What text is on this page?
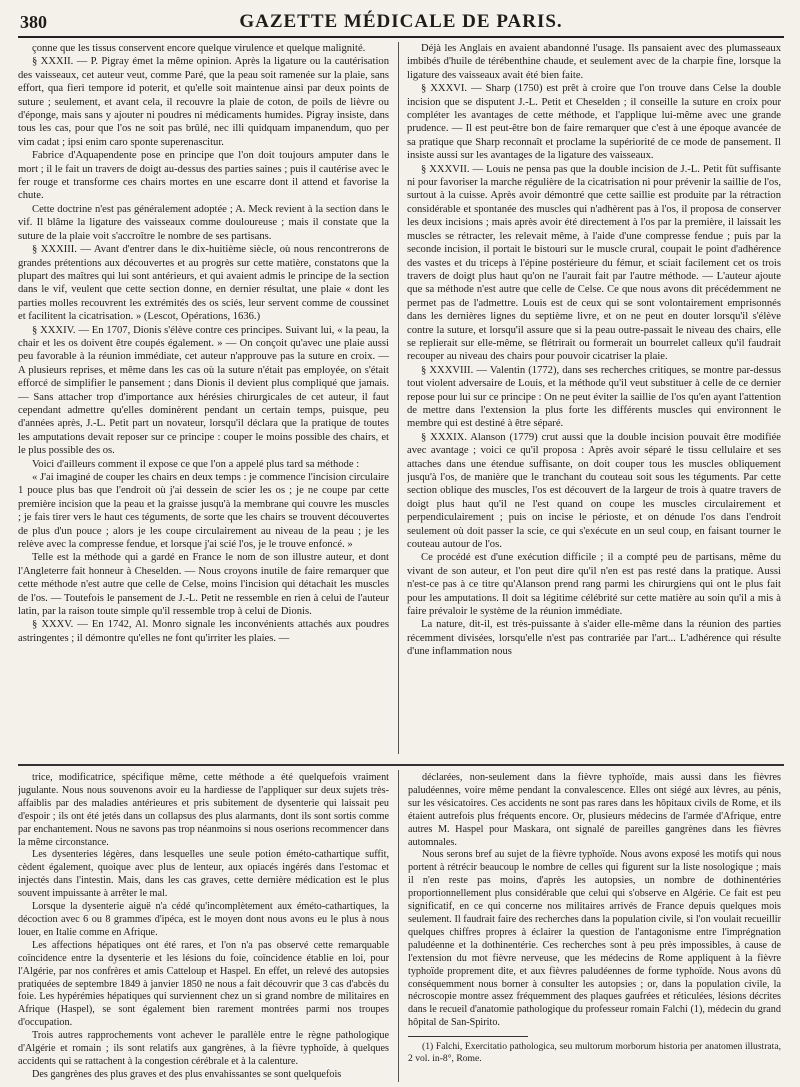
380	GAZETTE MÉDICALE DE PARIS.

çonne que les tissus conservent encore quelque virulence et quelque malignité.

§ XXXII. — P. Pigray émet la même opinion. Après la ligature ou la cautérisation des vaisseaux, cet auteur veut, comme Paré, que la peau soit ramenée sur la plaie, sans effort, qua fieri tempore id poterit, et qu'elle soit maintenue ainsi par deux points de suture ; seulement, et avant cela, il recouvre la plaie de coton, de poils de lièvre ou d'éponge, mais sans y ajouter ni poudres ni médicaments humides. Pigray insiste, dans tous les cas, pour que l'os ne soit pas brûlé, nec illi quidquam impanendum, quo per vim cadat ; ipsi enim caro sponte superenascitur.

Fabrice d'Aquapendente pose en principe que l'on doit toujours amputer dans le mort ; il le fait un travers de doigt au-dessus des parties saines ; puis il cautérise avec le fer rouge et transforme ces chairs mortes en une escarre dont il attend et favorise la chute.

Cette doctrine n'est pas généralement adoptée ; A. Meck revient à la section dans le vif. Il blâme la ligature des vaisseaux comme douloureuse ; mais il constate que la suture de la plaie voit s'accroître le nombre de ses partisans.

§ XXXIII. — Avant d'entrer dans le dix-huitième siècle, où nous rencontrerons de grandes prétentions aux découvertes et au progrès sur cette matière, constatons que la plupart des maîtres qui lui sont antérieurs, et qui avaient admis le principe de la section dans le vif, veulent que cette section donne, en dernier résultat, une plaie « dont les parties molles recouvrent les extrémités des os sciés, leur servent comme de coussinet et facilitent la cicatrisation. » (Lescot, Opérations, 1636.)

§ XXXIV. — En 1707, Dionis s'élève contre ces principes. Suivant lui, « la peau, la chair et les os doivent être coupés également. » — On conçoit qu'avec une plaie aussi peu favorable à la réunion immédiate, cet auteur n'approuve pas la suture en croix. — A plusieurs reprises, et même dans les cas où la suture n'était pas employée, on s'était efforcé de simplifier le pansement ; dans Dionis il devient plus compliqué que jamais. — Sans attacher trop d'importance aux hérésies chirurgicales de cet auteur, il faut cependant admettre qu'elles dominèrent pendant un certain temps, puisque, peu d'années après, J.-L. Petit part un novateur, lorsqu'il déclara que la pratique de toutes les amputations devait reposer sur ce principe : couper le moins possible des chairs, et le plus possible des os.

Voici d'ailleurs comment il expose ce que l'on a appelé plus tard sa méthode :

« J'ai imaginé de couper les chairs en deux temps : je commence l'incision circulaire 1 pouce plus bas que l'endroit où j'ai dessein de scier les os ; je ne coupe par cette première incision que la peau et la graisse jusqu'à la membrane qui couvre les muscles ; je fais tirer vers le haut ces téguments, de sorte que les chairs se trouvent découvertes de plus d'un pouce ; alors je les coupe circulairement au niveau de la peau ; je les relève avec la compresse fendue, et lorsque j'ai scié l'os, je le trouve enfoncé. »

Telle est la méthode qui a gardé en France le nom de son illustre auteur, et dont l'Angleterre fait honneur à Cheselden. — Nous croyons inutile de faire remarquer que cette méthode n'est autre que celle de Celse, moins l'incision qui détachait les muscles de l'os. — Toutefois le pansement de J.-L. Petit ne ressemble en rien à celui de l'auteur latin, par la raison toute simple qu'il ressemble trop à celui de Dionis.

§ XXXV. — En 1742, Al. Monro signale les inconvénients attachés aux poudres astringentes ; il démontre qu'elles ne font qu'irriter les plaies. —

Déjà les Anglais en avaient abandonné l'usage. Ils pansaient avec des plumasseaux imbibés d'huile de térébenthine chaude, et seulement avec de la charpie fine, lorsque la ligature des vaisseaux avait été bien faite.

§ XXXVI. — Sharp (1750) est prêt à croire que l'on trouve dans Celse la double incision que se disputent J.-L. Petit et Cheselden ; il conseille la suture en croix pour compléter les avantages de cette méthode, et l'applique lui-même avec une grande prudence. — Il est peut-être bon de faire remarquer que c'est à une époque avancée de sa pratique que Sharp reconnaît et proclame la supériorité de ce mode de pansement. Il insiste aussi sur les avantages de la ligature des vaisseaux.

§ XXXVII. — Louis ne pensa pas que la double incision de J.-L. Petit fût suffisante ni pour favoriser la marche régulière de la cicatrisation ni pour prévenir la saillie de l'os, surtout à la cuisse. Après avoir démontré que cette saillie est produite par la rétraction considérable et spontanée des muscles qui n'adhèrent pas à l'os, il proposa de conserver les deux incisions ; mais après avoir été directement à l'os par la première, il laissait les muscles se rétracter, les relevait même, à l'aide d'une compresse fendue ; puis par la seconde incision, il portait le bistouri sur le muscle crural, coupait le point d'adhérence des vastes et du triceps à l'épine postérieure du fémur, et sciait facilement cet os trois travers de doigt plus haut qu'on ne l'aurait fait par l'autre méthode. — L'auteur ajoute que sa méthode n'est autre que celle de Celse. Ce que nous avons dit précédemment ne permet pas de l'admettre. Louis est de ceux qui se sont volontairement emprisonnés dans les dernières lignes du septième livre, et on ne peut en douter lorsqu'il s'élève contre la suture, et lorsqu'il assure que si la peau outre-passait le niveau des chairs, elle se replierait sur elle-même, se flétrirait ou formerait un bourrelet calleux qu'il faudrait recouper au niveau des chairs pour pouvoir cicatriser la plaie.

§ XXXVIII. — Valentin (1772), dans ses recherches critiques, se montre par-dessus tout violent adversaire de Louis, et la méthode qu'il veut substituer à celle de ce dernier repose pour lui sur ce principe : On ne peut éviter la saillie de l'os qu'en ayant l'attention de mettre dans l'extension la plus forte les différents muscles qui environnent le membre qui est destiné à être séparé.

§ XXXIX. Alanson (1779) crut aussi que la double incision pouvait être modifiée avec avantage ; voici ce qu'il proposa : Après avoir séparé le tissu cellulaire et ses attaches dans une étendue suffisante, on doit couper tous les muscles obliquement jusqu'à l'os, de manière que le tranchant du couteau soit sous les téguments. Par cette section oblique des muscles, l'os est découvert de la largeur de trois à quatre travers de doigt plus haut qu'il ne l'est quand on coupe les muscles circulairement et perpendiculairement ; puis on incise le périoste, et on dénude l'os dans l'endroit seulement où doit passer la scie, ce qui s'exécute en un seul coup, en faisant tourner le couteau autour de l'os.

Ce procédé est d'une exécution difficile ; il a compté peu de partisans, même du vivant de son auteur, et l'on peut dire qu'il n'en est pas resté dans la pratique. Aussi n'est-ce pas à ce titre qu'Alanson prend rang parmi les chirurgiens qui ont le plus fait pour les amputations. Il doit sa légitime célébrité sur cette matière au soin qu'il a mis à faire prévaloir le système de la réunion immédiate.

La nature, dit-il, est très-puissante à s'aider elle-même dans la réunion des parties récemment divisées, lorsqu'elle n'est pas contrariée par l'art... L'adhérence qui résulte d'une inflammation nous

trice, modificatrice, spécifique même, cette méthode a été quelquefois vraiment jugulante. Nous nous souvenons avoir eu la hardiesse de l'appliquer sur deux sujets très-affaiblis par des maladies antérieures et pris subitement de dysenterie qui laissait peu d'espoir ; ils ont été jetés dans un collapsus des plus alarmants, dont ils sont sortis comme par enchantement. Nous ne savons pas trop néanmoins si nous oserions recommencer dans la même circonstance.

Les dysenteries légères, dans lesquelles une seule potion éméto-cathartique suffit, cèdent également, quoique avec plus de lenteur, aux opiacés ingérés dans l'estomac et injectés dans l'intestin. Mais, dans les cas graves, cette dernière médication est le plus souvent impuissante à arrêter le mal.

Lorsque la dysenterie aiguë n'a cédé qu'incomplètement aux éméto-cathartiques, la décoction avec 6 ou 8 grammes d'ipéca, est le moyen dont nous avons eu le plus à nous louer, en Italie comme en Afrique.

Les affections hépatiques ont été rares, et l'on n'a pas observé cette remarquable coïncidence entre la dysenterie et les lésions du foie, coïncidence établie en loi, pour l'Algérie, par nos confrères et amis Catteloup et Haspel. En effet, un relevé des autopsies pratiquées de septembre 1849 à janvier 1850 ne nous a fait découvrir que 3 cas d'abcès du foie. Les hypérémies hépatiques qui surviennent chez un si grand nombre de militaires en Afrique (Haspel), se sont également bien rarement montrées parmi nos troupes d'occupation.

Trois autres rapprochements vont achever le parallèle entre le règne pathologique d'Algérie et romain ; ils sont relatifs aux gangrènes, à la fièvre typhoïde, à quelques accidents qui se rattachent à la congestion cérébrale et à la calenture.

Des gangrènes des plus graves et des plus envahissantes se sont quelquefois

déclarées, non-seulement dans la fièvre typhoïde, mais aussi dans les fièvres paludéennes, voire même pendant la convalescence. Elles ont siégé aux lèvres, au pénis, sur les vésicatoires. Ces accidents ne sont pas rares dans les hôpitaux civils de Rome, et ils étaient autrefois plus fréquents encore. Or, plusieurs médecins de l'armée d'Afrique, entre autres M. Haspel pour Maskara, ont signalé de pareilles gangrènes dans les fièvres automnales.

Nous serons bref au sujet de la fièvre typhoïde. Nous avons exposé les motifs qui nous portent à rétrécir beaucoup le nombre de celles qui figurent sur la liste nosologique ; mais il n'en reste pas moins, d'après les autopsies, un nombre de dothinentéries proportionnellement plus considérable que celui qui s'observe en Algérie. Ce fait est peu significatif, en ce qui concerne nos militaires arrivés de France depuis quelques mois seulement. Il faudrait faire des recherches dans la population civile, si l'on voulait recueillir quelques chiffres propres à éclairer la question de l'antagonisme entre l'imprégnation paludéenne et la dothinentérie. Ces recherches sont à peu près impossibles, à cause de l'extension du mot fièvre nerveuse, que les médecins de Rome appliquent à la fièvre typhoïde proprement dite, et aux fièvres paludéennes de forme typhoïde. Nous avons dû conséquemment nous borner à consulter les autopsies ; or, dans la population civile, la nécroscopie montre assez fréquemment des plaques gaufrées et réticulées, lésions décrites dans le recueil d'anatomie pathologique du professeur romain Falchi (1), médecin du grand hôpital de San-Spirito.

(1) Falchi, Exercitatio pathologica, seu multorum morborum historia per anatomen illustrata, 2 vol. in-8°, Rome.
